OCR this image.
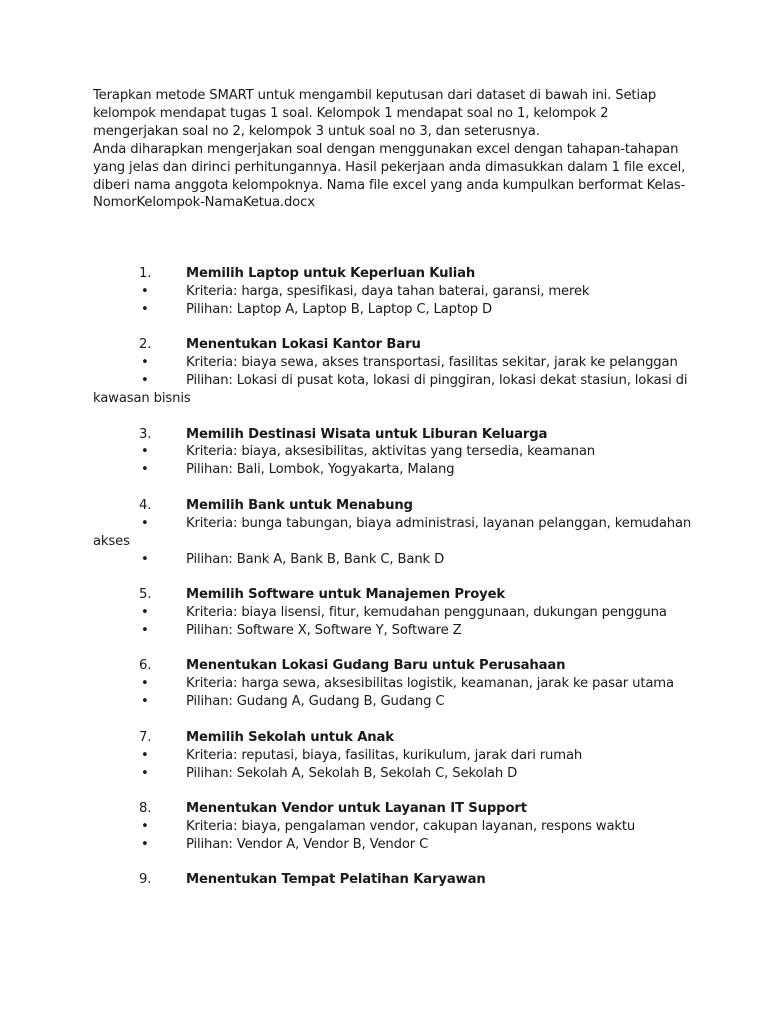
Terapkan metode SMART untuk mengambil keputusan dari dataset di bawah ini. Setiap kelompok mendapat tugas 1 soal. Kelompok 1 mendapat soal no 1, kelompok 2 mengerjakan soal no 2, kelompok 3 untuk soal no 3, dan seterusnya.

Anda diharapkan mengerjakan soal dengan menggunakan excel dengan tahapan-tahapan yang jelas dan dirinci perhitungannya. Hasil pekerjaan anda dimasukkan dalam 1 file excel, diberi nama anggota kelompoknya. Nama file excel yang anda kumpulkan berformat Kelas-NomorKelompok-NamaKetua.docx

1.	Memilih Laptop untuk Keperluan Kuliah
•	Kriteria: harga, spesifikasi, daya tahan baterai, garansi, merek
•	Pilihan: Laptop A, Laptop B, Laptop C, Laptop D
2.	Menentukan Lokasi Kantor Baru
•	Kriteria: biaya sewa, akses transportasi, fasilitas sekitar, jarak ke pelanggan
•	Pilihan: Lokasi di pusat kota, lokasi di pinggiran, lokasi dekat stasiun, lokasi di kawasan bisnis
3.	Memilih Destinasi Wisata untuk Liburan Keluarga
•	Kriteria: biaya, aksesibilitas, aktivitas yang tersedia, keamanan
•	Pilihan: Bali, Lombok, Yogyakarta, Malang
4.	Memilih Bank untuk Menabung
•	Kriteria: bunga tabungan, biaya administrasi, layanan pelanggan, kemudahan akses
•	Pilihan: Bank A, Bank B, Bank C, Bank D
5.	Memilih Software untuk Manajemen Proyek
•	Kriteria: biaya lisensi, fitur, kemudahan penggunaan, dukungan pengguna
•	Pilihan: Software X, Software Y, Software Z
6.	Menentukan Lokasi Gudang Baru untuk Perusahaan
•	Kriteria: harga sewa, aksesibilitas logistik, keamanan, jarak ke pasar utama
•	Pilihan: Gudang A, Gudang B, Gudang C
7.	Memilih Sekolah untuk Anak
•	Kriteria: reputasi, biaya, fasilitas, kurikulum, jarak dari rumah
•	Pilihan: Sekolah A, Sekolah B, Sekolah C, Sekolah D
8.	Menentukan Vendor untuk Layanan IT Support
•	Kriteria: biaya, pengalaman vendor, cakupan layanan, respons waktu
•	Pilihan: Vendor A, Vendor B, Vendor C
9.	Menentukan Tempat Pelatihan Karyawan
